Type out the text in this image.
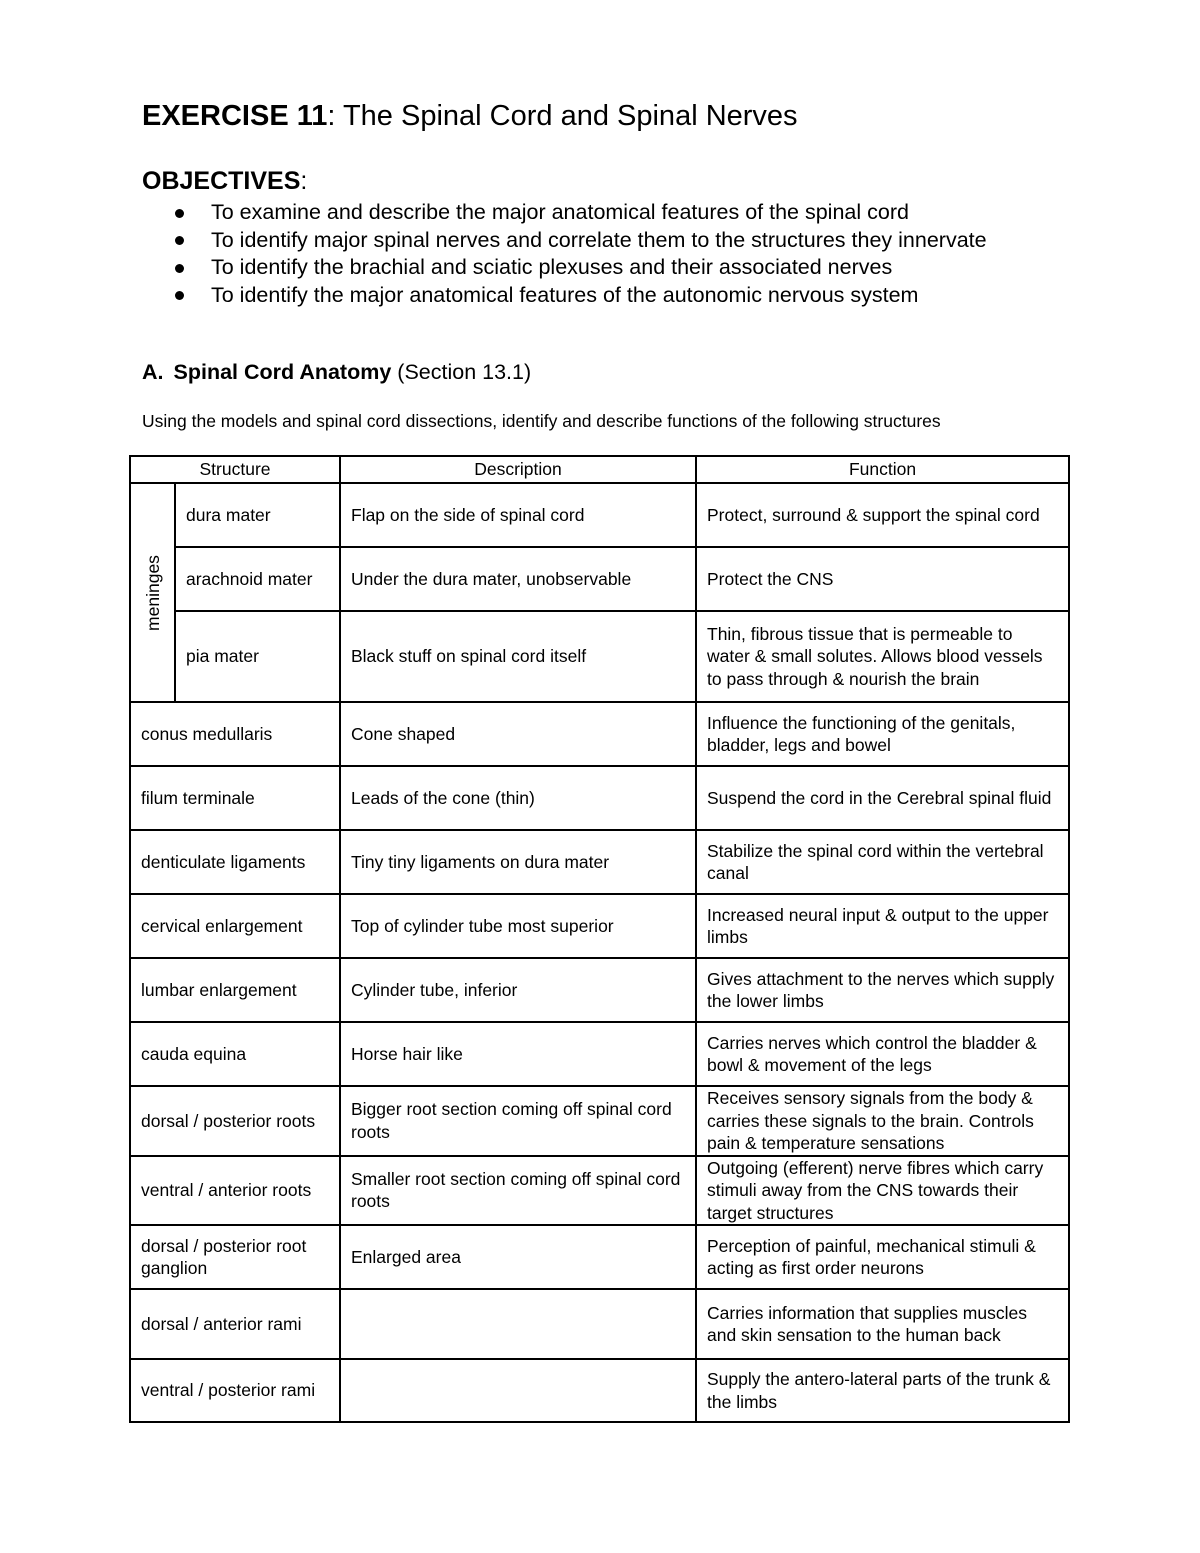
EXERCISE 11: The Spinal Cord and Spinal Nerves
OBJECTIVES:
To examine and describe the major anatomical features of the spinal cord
To identify major spinal nerves and correlate them to the structures they innervate
To identify the brachial and sciatic plexuses and their associated nerves
To identify the major anatomical features of the autonomic nervous system
A. Spinal Cord Anatomy (Section 13.1)
Using the models and spinal cord dissections, identify and describe functions of the following structures
Structure		Description	Function

meninges	dura mater	Flap on the side of spinal cord	Protect, surround & support the spinal cord
	arachnoid mater	Under the dura mater, unobservable	Protect the CNS
	pia mater	Black stuff on spinal cord itself	Thin, fibrous tissue that is permeable to water & small solutes. Allows blood vessels to pass through & nourish the brain
conus medullaris		Cone shaped	Influence the functioning of the genitals, bladder, legs and bowel
filum terminale		Leads of the cone (thin)	Suspend the cord in the Cerebral spinal fluid
denticulate ligaments		Tiny tiny ligaments on dura mater	Stabilize the spinal cord within the vertebral canal
cervical enlargement		Top of cylinder tube most superior	Increased neural input & output to the upper limbs
lumbar enlargement		Cylinder tube, inferior	Gives attachment to the nerves which supply the lower limbs
cauda equina		Horse hair like	Carries nerves which control the bladder & bowl & movement of the legs
dorsal / posterior roots		Bigger root section coming off spinal cord roots	Receives sensory signals from the body & carries these signals to the brain. Controls pain & temperature sensations
ventral / anterior roots		Smaller root section coming off spinal cord roots	Outgoing (efferent) nerve fibres which carry stimuli away from the CNS towards their target structures
dorsal / posterior root ganglion		Enlarged area	Perception of painful, mechanical stimuli & acting as first order neurons
dorsal / anterior rami			Carries information that supplies muscles and skin sensation to the human back
ventral / posterior rami			Supply the antero-lateral parts of the trunk & the limbs
